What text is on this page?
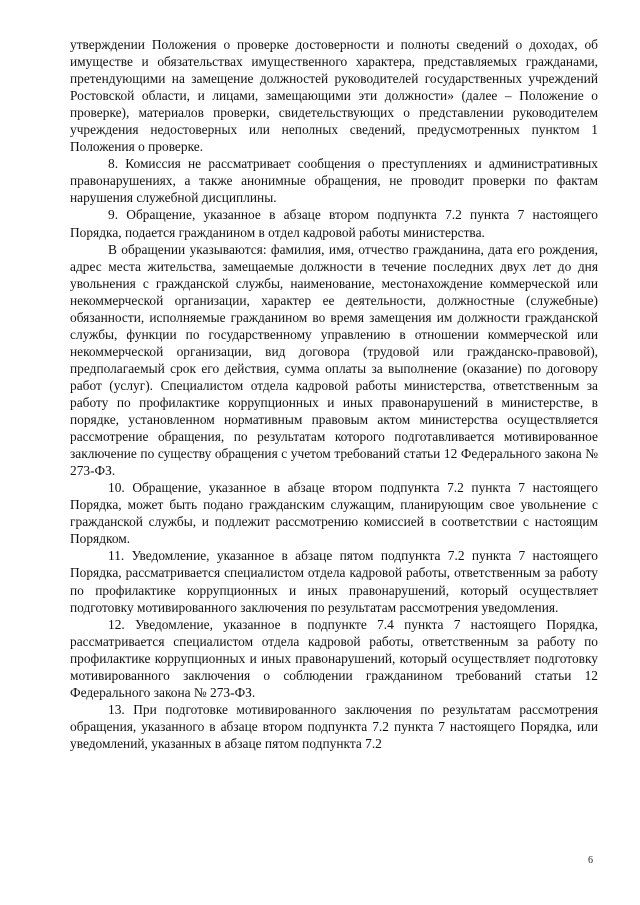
утверждении Положения о проверке достоверности и полноты сведений о доходах, об имуществе и обязательствах имущественного характера, представляемых гражданами, претендующими на замещение должностей руководителей государственных учреждений Ростовской области, и лицами, замещающими эти должности» (далее – Положение о проверке), материалов проверки, свидетельствующих о представлении руководителем учреждения недостоверных или неполных сведений, предусмотренных пунктом 1 Положения о проверке.

8. Комиссия не рассматривает сообщения о преступлениях и административных правонарушениях, а также анонимные обращения, не проводит проверки по фактам нарушения служебной дисциплины.

9. Обращение, указанное в абзаце втором подпункта 7.2 пункта 7 настоящего Порядка, подается гражданином в отдел кадровой работы министерства.

В обращении указываются: фамилия, имя, отчество гражданина, дата его рождения, адрес места жительства, замещаемые должности в течение последних двух лет до дня увольнения с гражданской службы, наименование, местонахождение коммерческой или некоммерческой организации, характер ее деятельности, должностные (служебные) обязанности, исполняемые гражданином во время замещения им должности гражданской службы, функции по государственному управлению в отношении коммерческой или некоммерческой организации, вид договора (трудовой или гражданско-правовой), предполагаемый срок его действия, сумма оплаты за выполнение (оказание) по договору работ (услуг). Специалистом отдела кадровой работы министерства, ответственным за работу по профилактике коррупционных и иных правонарушений в министерстве, в порядке, установленном нормативным правовым актом министерства осуществляется рассмотрение обращения, по результатам которого подготавливается мотивированное заключение по существу обращения с учетом требований статьи 12 Федерального закона № 273-ФЗ.

10. Обращение, указанное в абзаце втором подпункта 7.2 пункта 7 настоящего Порядка, может быть подано гражданским служащим, планирующим свое увольнение с гражданской службы, и подлежит рассмотрению комиссией в соответствии с настоящим Порядком.

11. Уведомление, указанное в абзаце пятом подпункта 7.2 пункта 7 настоящего Порядка, рассматривается специалистом отдела кадровой работы, ответственным за работу по профилактике коррупционных и иных правонарушений, который осуществляет подготовку мотивированного заключения по результатам рассмотрения уведомления.

12. Уведомление, указанное в подпункте 7.4 пункта 7 настоящего Порядка, рассматривается специалистом отдела кадровой работы, ответственным за работу по профилактике коррупционных и иных правонарушений, который осуществляет подготовку мотивированного заключения о соблюдении гражданином требований статьи 12 Федерального закона № 273-ФЗ.

13. При подготовке мотивированного заключения по результатам рассмотрения обращения, указанного в абзаце втором подпункта 7.2 пункта 7 настоящего Порядка, или уведомлений, указанных в абзаце пятом подпункта 7.2

6
